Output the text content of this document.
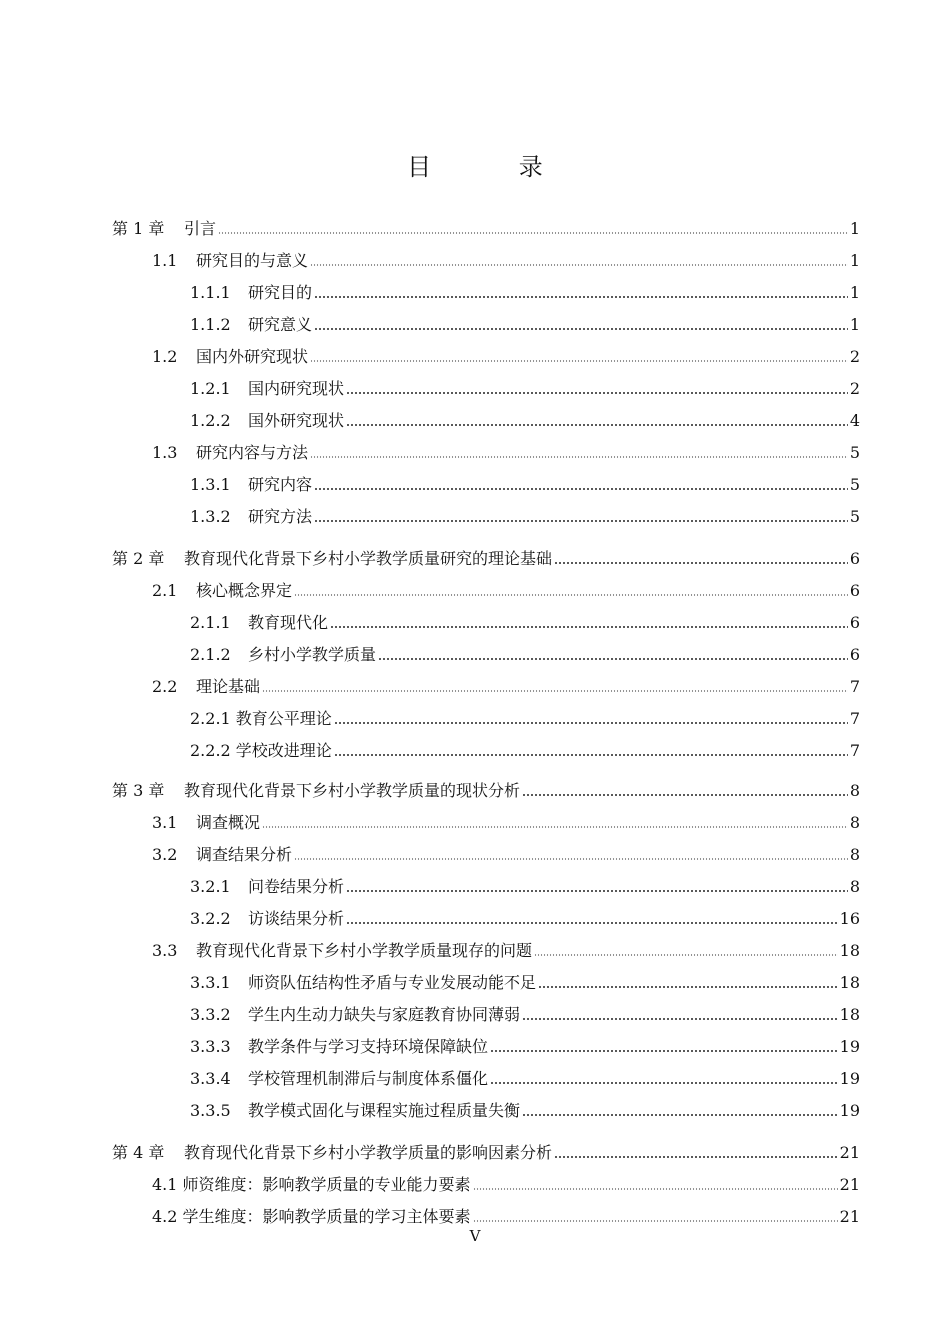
目 录
第 1 章	引言	1
1.1	研究目的与意义	1
1.1.1	研究目的	1
1.1.2	研究意义	1
1.2	国内外研究现状	2
1.2.1	国内研究现状	2
1.2.2	国外研究现状	4
1.3	研究内容与方法	5
1.3.1	研究内容	5
1.3.2	研究方法	5
第 2 章	教育现代化背景下乡村小学教学质量研究的理论基础	6
2.1	核心概念界定	6
2.1.1	教育现代化	6
2.1.2	乡村小学教学质量	6
2.2	理论基础	7
2.2.1 教育公平理论	7
2.2.2 学校改进理论	7
第 3 章	教育现代化背景下乡村小学教学质量的现状分析	8
3.1	调查概况	8
3.2	调查结果分析	8
3.2.1	问卷结果分析	8
3.2.2	访谈结果分析	16
3.3	教育现代化背景下乡村小学教学质量现存的问题	18
3.3.1	师资队伍结构性矛盾与专业发展动能不足	18
3.3.2	学生内生动力缺失与家庭教育协同薄弱	18
3.3.3	教学条件与学习支持环境保障缺位	19
3.3.4	学校管理机制滞后与制度体系僵化	19
3.3.5	教学模式固化与课程实施过程质量失衡	19
第 4 章	教育现代化背景下乡村小学教学质量的影响因素分析	21
4.1 师资维度：影响教学质量的专业能力要素	21
4.2 学生维度：影响教学质量的学习主体要素	21
V
